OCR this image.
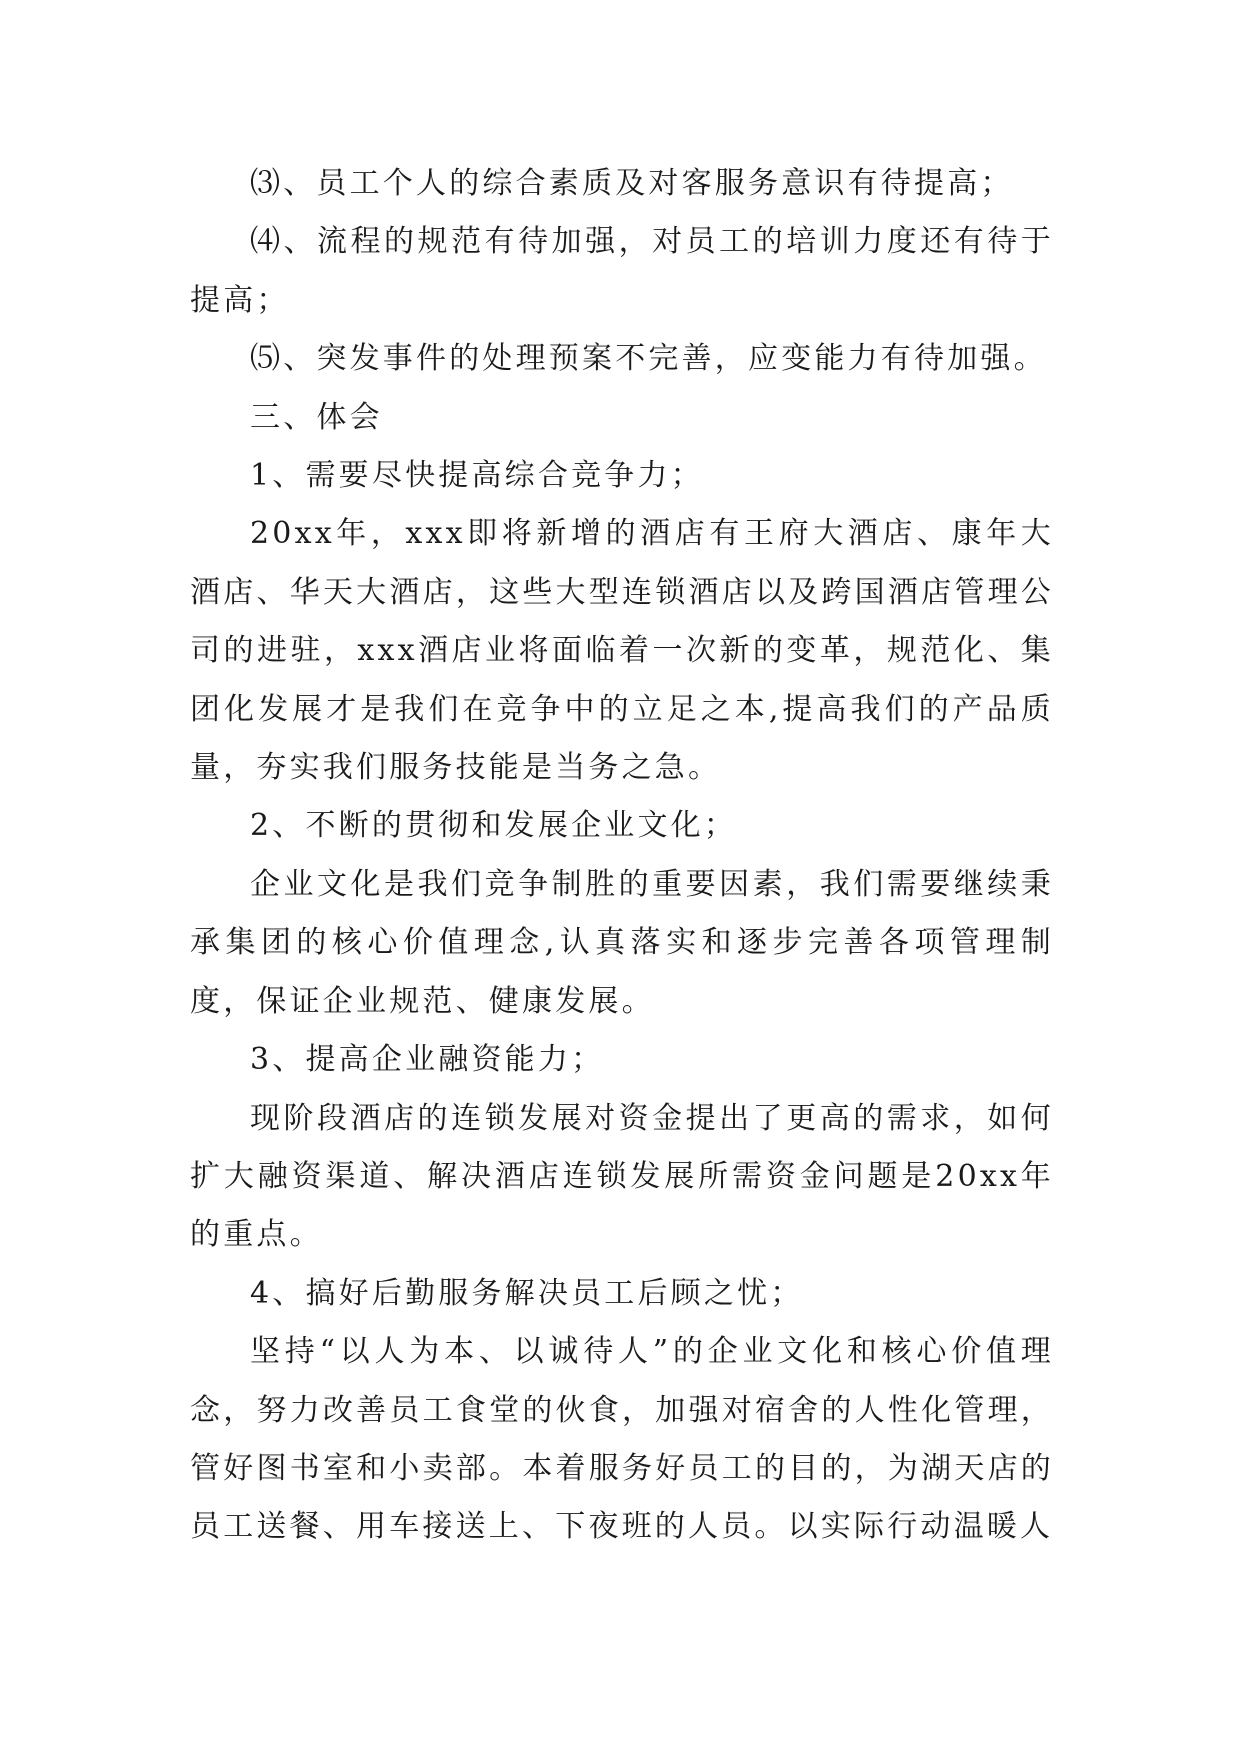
⑶、员工个人的综合素质及对客服务意识有待提高；

⑷、流程的规范有待加强，对员工的培训力度还有待于提高；

⑸、突发事件的处理预案不完善，应变能力有待加强。

三、体会

1、需要尽快提高综合竞争力；

20xx年，xxx即将新增的酒店有王府大酒店、康年大酒店、华天大酒店，这些大型连锁酒店以及跨国酒店管理公司的进驻，xxx酒店业将面临着一次新的变革，规范化、集团化发展才是我们在竞争中的立足之本,提高我们的产品质量，夯实我们服务技能是当务之急。

2、不断的贯彻和发展企业文化；

企业文化是我们竞争制胜的重要因素，我们需要继续秉承集团的核心价值理念,认真落实和逐步完善各项管理制度，保证企业规范、健康发展。

3、提高企业融资能力；

现阶段酒店的连锁发展对资金提出了更高的需求，如何扩大融资渠道、解决酒店连锁发展所需资金问题是20xx年的重点。

4、搞好后勤服务解决员工后顾之忧；

坚持“以人为本、以诚待人”的企业文化和核心价值理念，努力改善员工食堂的伙食，加强对宿舍的人性化管理，管好图书室和小卖部。本着服务好员工的目的，为湖天店的员工送餐、用车接送上、下夜班的人员。以实际行动温暖人
